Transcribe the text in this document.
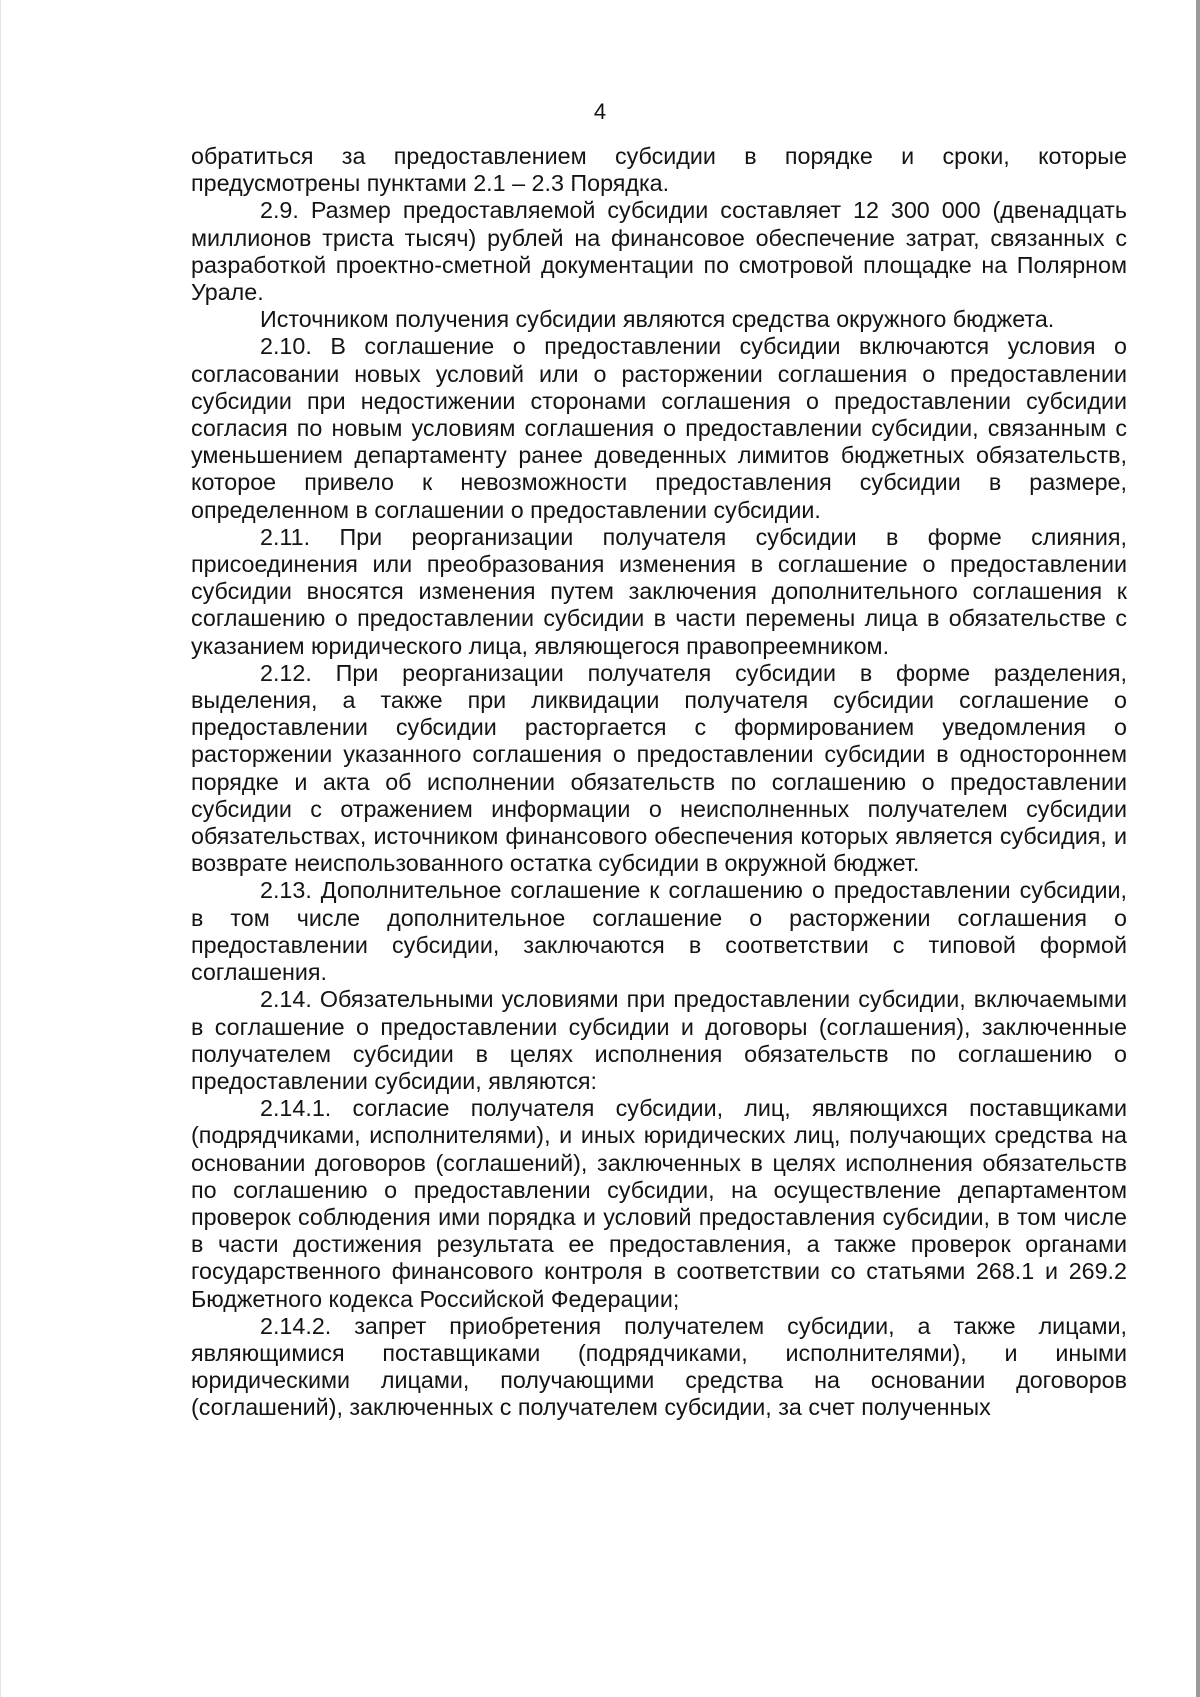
4

обратиться за предоставлением субсидии в порядке и сроки, которые предусмотрены пунктами 2.1 – 2.3 Порядка.

2.9. Размер предоставляемой субсидии составляет 12 300 000 (двенадцать миллионов триста тысяч) рублей на финансовое обеспечение затрат, связанных с разработкой проектно-сметной документации по смотровой площадке на Полярном Урале.

Источником получения субсидии являются средства окружного бюджета.

2.10. В соглашение о предоставлении субсидии включаются условия о согласовании новых условий или о расторжении соглашения о предоставлении субсидии при недостижении сторонами соглашения о предоставлении субсидии согласия по новым условиям соглашения о предоставлении субсидии, связанным с уменьшением департаменту ранее доведенных лимитов бюджетных обязательств, которое привело к невозможности предоставления субсидии в размере, определенном в соглашении о предоставлении субсидии.

2.11. При реорганизации получателя субсидии в форме слияния, присоединения или преобразования изменения в соглашение о предоставлении субсидии вносятся изменения путем заключения дополнительного соглашения к соглашению о предоставлении субсидии в части перемены лица в обязательстве с указанием юридического лица, являющегося правопреемником.

2.12. При реорганизации получателя субсидии в форме разделения, выделения, а также при ликвидации получателя субсидии соглашение о предоставлении субсидии расторгается с формированием уведомления о расторжении указанного соглашения о предоставлении субсидии в одностороннем порядке и акта об исполнении обязательств по соглашению о предоставлении субсидии с отражением информации о неисполненных получателем субсидии обязательствах, источником финансового обеспечения которых является субсидия, и возврате неиспользованного остатка субсидии в окружной бюджет.

2.13. Дополнительное соглашение к соглашению о предоставлении субсидии, в том числе дополнительное соглашение о расторжении соглашения о предоставлении субсидии, заключаются в соответствии с типовой формой соглашения.

2.14. Обязательными условиями при предоставлении субсидии, включаемыми в соглашение о предоставлении субсидии и договоры (соглашения), заключенные получателем субсидии в целях исполнения обязательств по соглашению о предоставлении субсидии, являются:

2.14.1. согласие получателя субсидии, лиц, являющихся поставщиками (подрядчиками, исполнителями), и иных юридических лиц, получающих средства на основании договоров (соглашений), заключенных в целях исполнения обязательств по соглашению о предоставлении субсидии, на осуществление департаментом проверок соблюдения ими порядка и условий предоставления субсидии, в том числе в части достижения результата ее предоставления, а также проверок органами государственного финансового контроля в соответствии со статьями 268.1 и 269.2 Бюджетного кодекса Российской Федерации;

2.14.2. запрет приобретения получателем субсидии, а также лицами, являющимися поставщиками (подрядчиками, исполнителями), и иными юридическими лицами, получающими средства на основании договоров (соглашений), заключенных с получателем субсидии, за счет полученных
